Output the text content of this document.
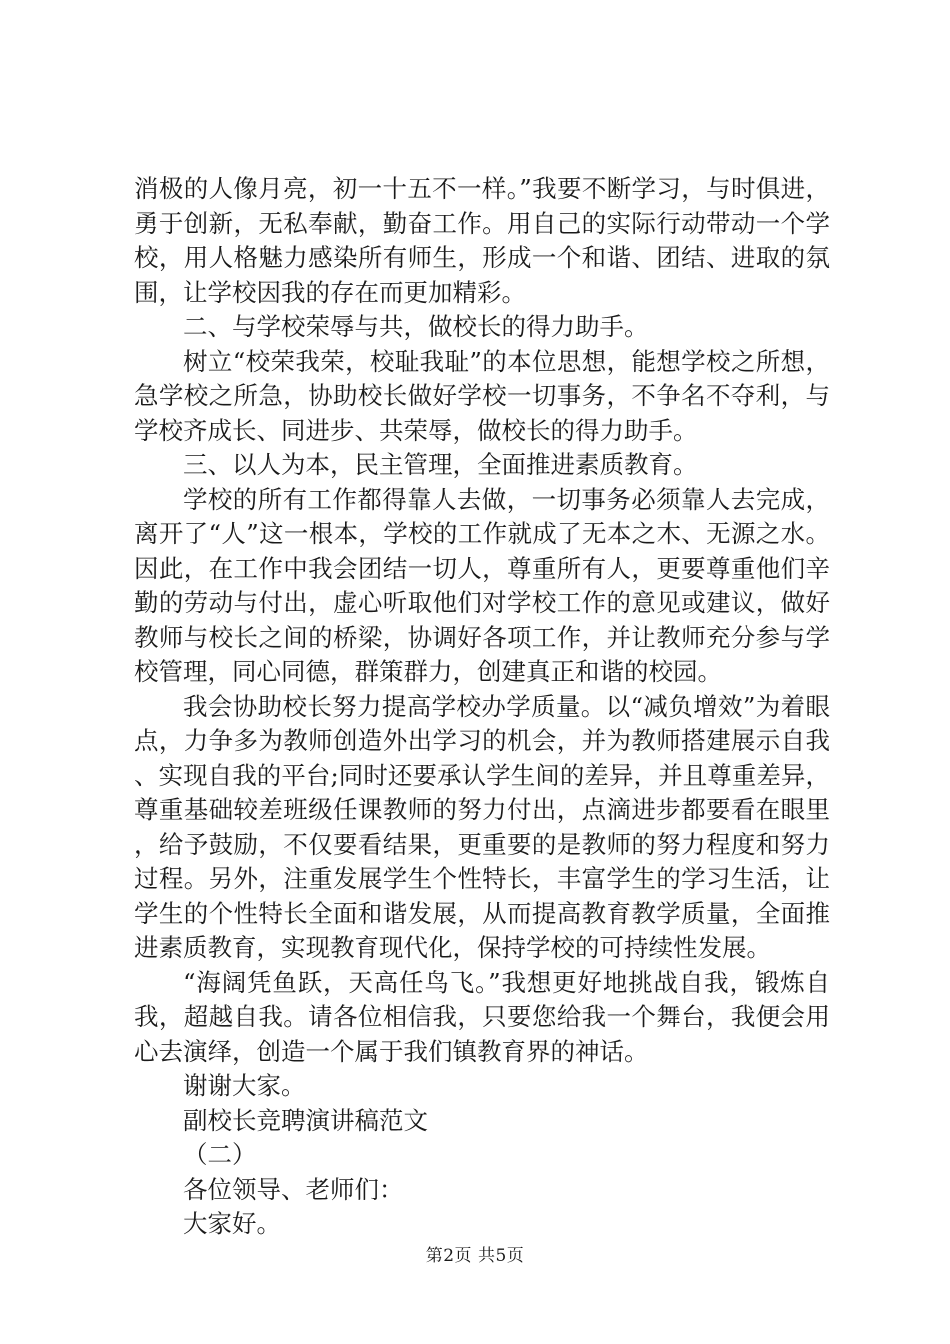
消极的人像月亮，初一十五不一样。”我要不断学习，与时俱进，勇于创新，无私奉献，勤奋工作。用自己的实际行动带动一个学校，用人格魅力感染所有师生，形成一个和谐、团结、进取的氛围，让学校因我的存在而更加精彩。

二、与学校荣辱与共，做校长的得力助手。

树立“校荣我荣，校耻我耻”的本位思想，能想学校之所想，急学校之所急，协助校长做好学校一切事务，不争名不夺利，与学校齐成长、同进步、共荣辱，做校长的得力助手。

三、以人为本，民主管理，全面推进素质教育。

学校的所有工作都得靠人去做，一切事务必须靠人去完成，离开了“人”这一根本，学校的工作就成了无本之木、无源之水。因此，在工作中我会团结一切人，尊重所有人，更要尊重他们辛勤的劳动与付出，虚心听取他们对学校工作的意见或建议，做好教师与校长之间的桥梁，协调好各项工作，并让教师充分参与学校管理，同心同德，群策群力，创建真正和谐的校园。

我会协助校长努力提高学校办学质量。以“减负增效”为着眼点，力争多为教师创造外出学习的机会，并为教师搭建展示自我、实现自我的平台;同时还要承认学生间的差异，并且尊重差异，尊重基础较差班级任课教师的努力付出，点滴进步都要看在眼里，给予鼓励，不仅要看结果，更重要的是教师的努力程度和努力过程。另外，注重发展学生个性特长，丰富学生的学习生活，让学生的个性特长全面和谐发展，从而提高教育教学质量，全面推进素质教育，实现教育现代化，保持学校的可持续性发展。

“海阔凭鱼跃，天高任鸟飞。”我想更好地挑战自我，锻炼自我，超越自我。请各位相信我，只要您给我一个舞台，我便会用心去演绎，创造一个属于我们镇教育界的神话。

谢谢大家。

副校长竞聘演讲稿范文

（二）

各位领导、老师们：

大家好。

第2页 共5页
